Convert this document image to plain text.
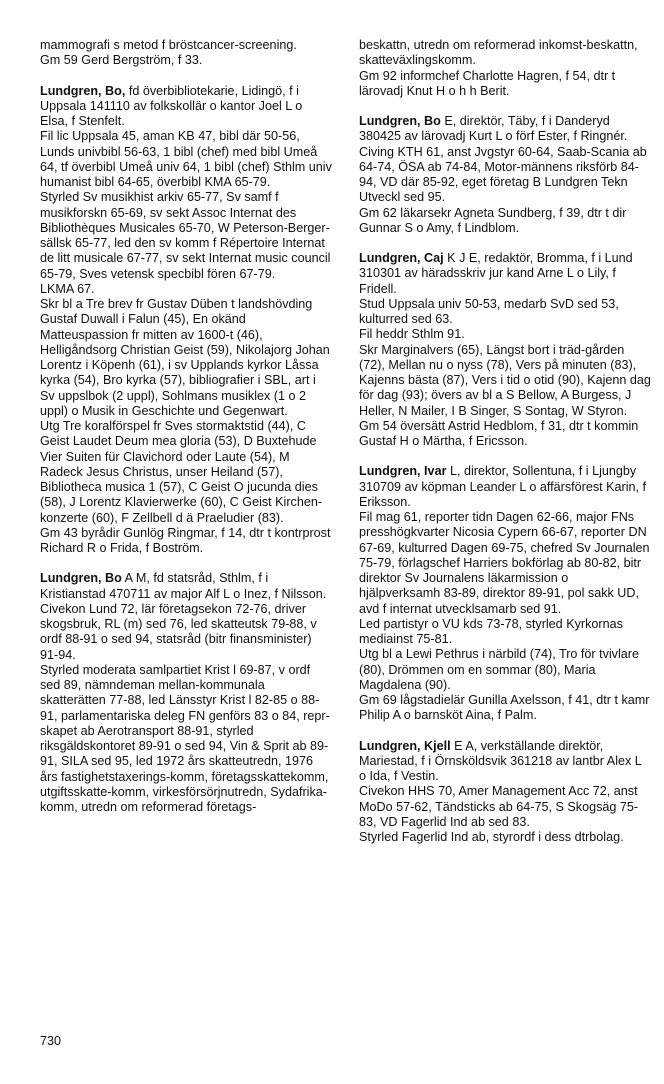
mammografi s metod f bröstcancer-screening.

Gm 59 Gerd Bergström, f 33.

Lundgren, Bo, fd överbibliotekarie, Lidingö, f i Uppsala 141110 av folkskollär o kantor Joel L o Elsa, f Stenfelt.

Fil lic Uppsala 45, aman KB 47, bibl där 50-56, Lunds univbibl 56-63, 1 bibl (chef) med bibl Umeå 64, tf överbibl Umeå univ 64, 1 bibl (chef) Sthlm univ humanist bibl 64-65, överbibl KMA 65-79.

Styrled Sv musikhist arkiv 65-77, Sv samf f musikforskn 65-69, sv sekt Assoc Internat des Bibliothèques Musicales 65-70, W Peterson-Berger-sällsk 65-77, led den sv komm f Répertoire Internat de litt musicale 67-77, sv sekt Internat music council 65-79, Sves vetensk specbibl fören 67-79.

LKMA 67.

Skr bl a Tre brev fr Gustav Düben t landshövding Gustaf Duwall i Falun (45), En okänd Matteuspassion fr mitten av 1600-t (46), Helligåndsorg Christian Geist (59), Nikolajorg Johan Lorentz i Köpenh (61), i sv Upplands kyrkor Låssa kyrka (54), Bro kyrka (57), bibliografier i SBL, art i Sv uppslbok (2 uppl), Sohlmans musiklex (1 o 2 uppl) o Musik in Geschichte und Gegenwart.

Utg Tre koralförspel fr Sves stormaktstid (44), C Geist Laudet Deum mea gloria (53), D Buxtehude Vier Suiten für Clavichord oder Laute (54), M Radeck Jesus Christus, unser Heiland (57), Bibliotheca musica 1 (57), C Geist O jucunda dies (58), J Lorentz Klavierwerke (60), C Geist Kirchen-konzerte (60), F Zellbell d ä Praeludier (83).

Gm 43 byrådir Gunlög Ringmar, f 14, dtr t kontrprost Richard R o Frida, f Boström.

Lundgren, Bo A M, fd statsråd, Sthlm, f i Kristianstad 470711 av major Alf L o Inez, f Nilsson.

Civekon Lund 72, lär företagsekon 72-76, driver skogsbruk, RL (m) sed 76, led skatteutsk 79-88, v ordf 88-91 o sed 94, statsråd (bitr finansminister) 91-94.

Styrled moderata samlpartiet Krist l 69-87, v ordf sed 89, nämndeman mellan-kommunala skatterätten 77-88, led Länsstyr Krist l 82-85 o 88-91, parlamentariska deleg FN genförs 83 o 84, repr-skapet ab Aerotransport 88-91, styrled riksgäldskontoret 89-91 o sed 94, Vin & Sprit ab 89-91, SILA sed 95, led 1972 års skatteutredn, 1976 års fastighetstaxerings-komm, företagsskattekomm, utgiftsskatte-komm, virkesförsörjnutredn, Sydafrika-komm, utredn om reformerad företags-

beskattn, utredn om reformerad inkomst-beskattn, skatteväxlingskomm.

Gm 92 informchef Charlotte Hagren, f 54, dtr t lärovadj Knut H o h h Berit.

Lundgren, Bo E, direktör, Täby, f i Danderyd 380425 av lärovadj Kurt L o förf Ester, f Ringnér.

Civing KTH 61, anst Jvgstyr 60-64, Saab-Scania ab 64-74, ÖSA ab 74-84, Motor-männens riksförb 84-94, VD där 85-92, eget företag B Lundgren Tekn Utveckl sed 95.

Gm 62 läkarsekr Agneta Sundberg, f 39, dtr t dir Gunnar S o Amy, f Lindblom.

Lundgren, Caj K J E, redaktör, Bromma, f i Lund 310301 av häradsskriv jur kand Arne L o Lily, f Fridell.

Stud Uppsala univ 50-53, medarb SvD sed 53, kulturred sed 63.

Fil heddr Sthlm 91.

Skr Marginalvers (65), Längst bort i träd-gården (72), Mellan nu o nyss (78), Vers på minuten (83), Kajenns bästa (87), Vers i tid o otid (90), Kajenn dag för dag (93); övers av bl a S Bellow, A Burgess, J Heller, N Mailer, I B Singer, S Sontag, W Styron.

Gm 54 översätt Astrid Hedblom, f 31, dtr t kommin Gustaf H o Märtha, f Ericsson.

Lundgren, Ivar L, direktor, Sollentuna, f i Ljungby 310709 av köpman Leander L o affärsförest Karin, f Eriksson.

Fil mag 61, reporter tidn Dagen 62-66, major FNs presshögkvarter Nicosia Cypern 66-67, reporter DN 67-69, kulturred Dagen 69-75, chefred Sv Journalen 75-79, förlagschef Harriers bokförlag ab 80-82, bitr direktor Sv Journalens läkarmission o hjälpverksamh 83-89, direktor 89-91, pol sakk UD, avd f internat utvecklsamarb sed 91.

Led partistyr o VU kds 73-78, styrled Kyrkornas mediainst 75-81.

Utg bl a Lewi Pethrus i närbild (74), Tro för tvivlare (80), Drömmen om en sommar (80), Maria Magdalena (90).

Gm 69 lågstadielär Gunilla Axelsson, f 41, dtr t kamr Philip A o barnsköt Aina, f Palm.

Lundgren, Kjell E A, verkställande direktör, Mariestad, f i Örnsköldsvik 361218 av lantbr Alex L o Ida, f Vestin.

Civekon HHS 70, Amer Management Acc 72, anst MoDo 57-62, Tändsticks ab 64-75, S Skogsäg 75-83, VD Fagerlid Ind ab sed 83.

Styrled Fagerlid Ind ab, styrordf i dess dtrbolag.

730
